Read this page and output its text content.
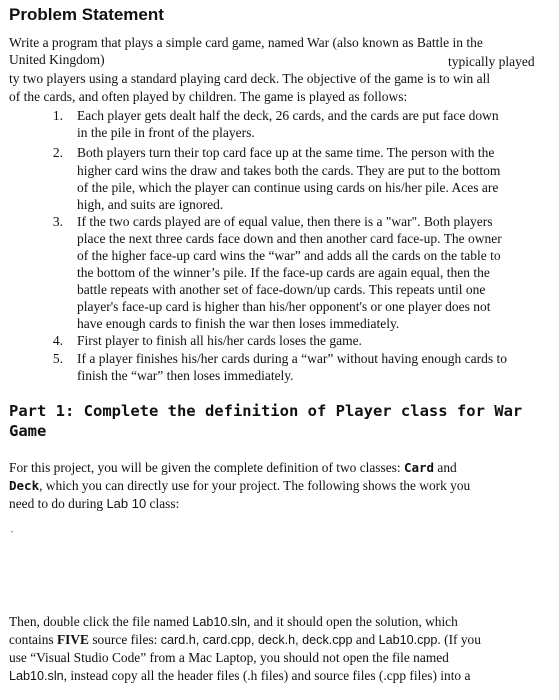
Problem Statement
Write a program that plays a simple card game, named War (also known as Battle in the
United Kingdom)	typically played
ty two players using a standard playing card deck. The objective of the game is to win all
of the cards, and often played by children. The game is played as follows:
1. Each player gets dealt half the deck, 26 cards, and the cards are put face down
in the pile in front of the players.
2. Both players turn their top card face up at the same time. The person with the
higher card wins the draw and takes both the cards. They are put to the bottom
of the pile, which the player can continue using cards on his/her pile. Aces are
high, and suits are ignored.
3. If the two cards played are of equal value, then there is a "war". Both players
place the next three cards face down and then another card face-up. The owner
of the higher face-up card wins the “war” and adds all the cards on the table to
the bottom of the winner’s pile. If the face-up cards are again equal, then the
battle repeats with another set of face-down/up cards. This repeats until one
player's face-up card is higher than his/her opponent's or one player does not
have enough cards to finish the war then loses immediately.
4. First player to finish all his/her cards loses the game.
5. If a player finishes his/her cards during a “war” without having enough cards to
finish the “war” then loses immediately.
Part 1: Complete the definition of Player class for War
Game
For this project, you will be given the complete definition of two classes: Card and
Deck, which you can directly use for your project. The following shows the work you
need to do during Lab 10 class:
·
Then, double click the file named Lab10.sln, and it should open the solution, which
contains FIVE source files: card.h, card.cpp, deck.h, deck.cpp and Lab10.cpp. (If you
use “Visual Studio Code” from a Mac Laptop, you should not open the file named
Lab10.sln, instead copy all the header files (.h files) and source files (.cpp files) into a
